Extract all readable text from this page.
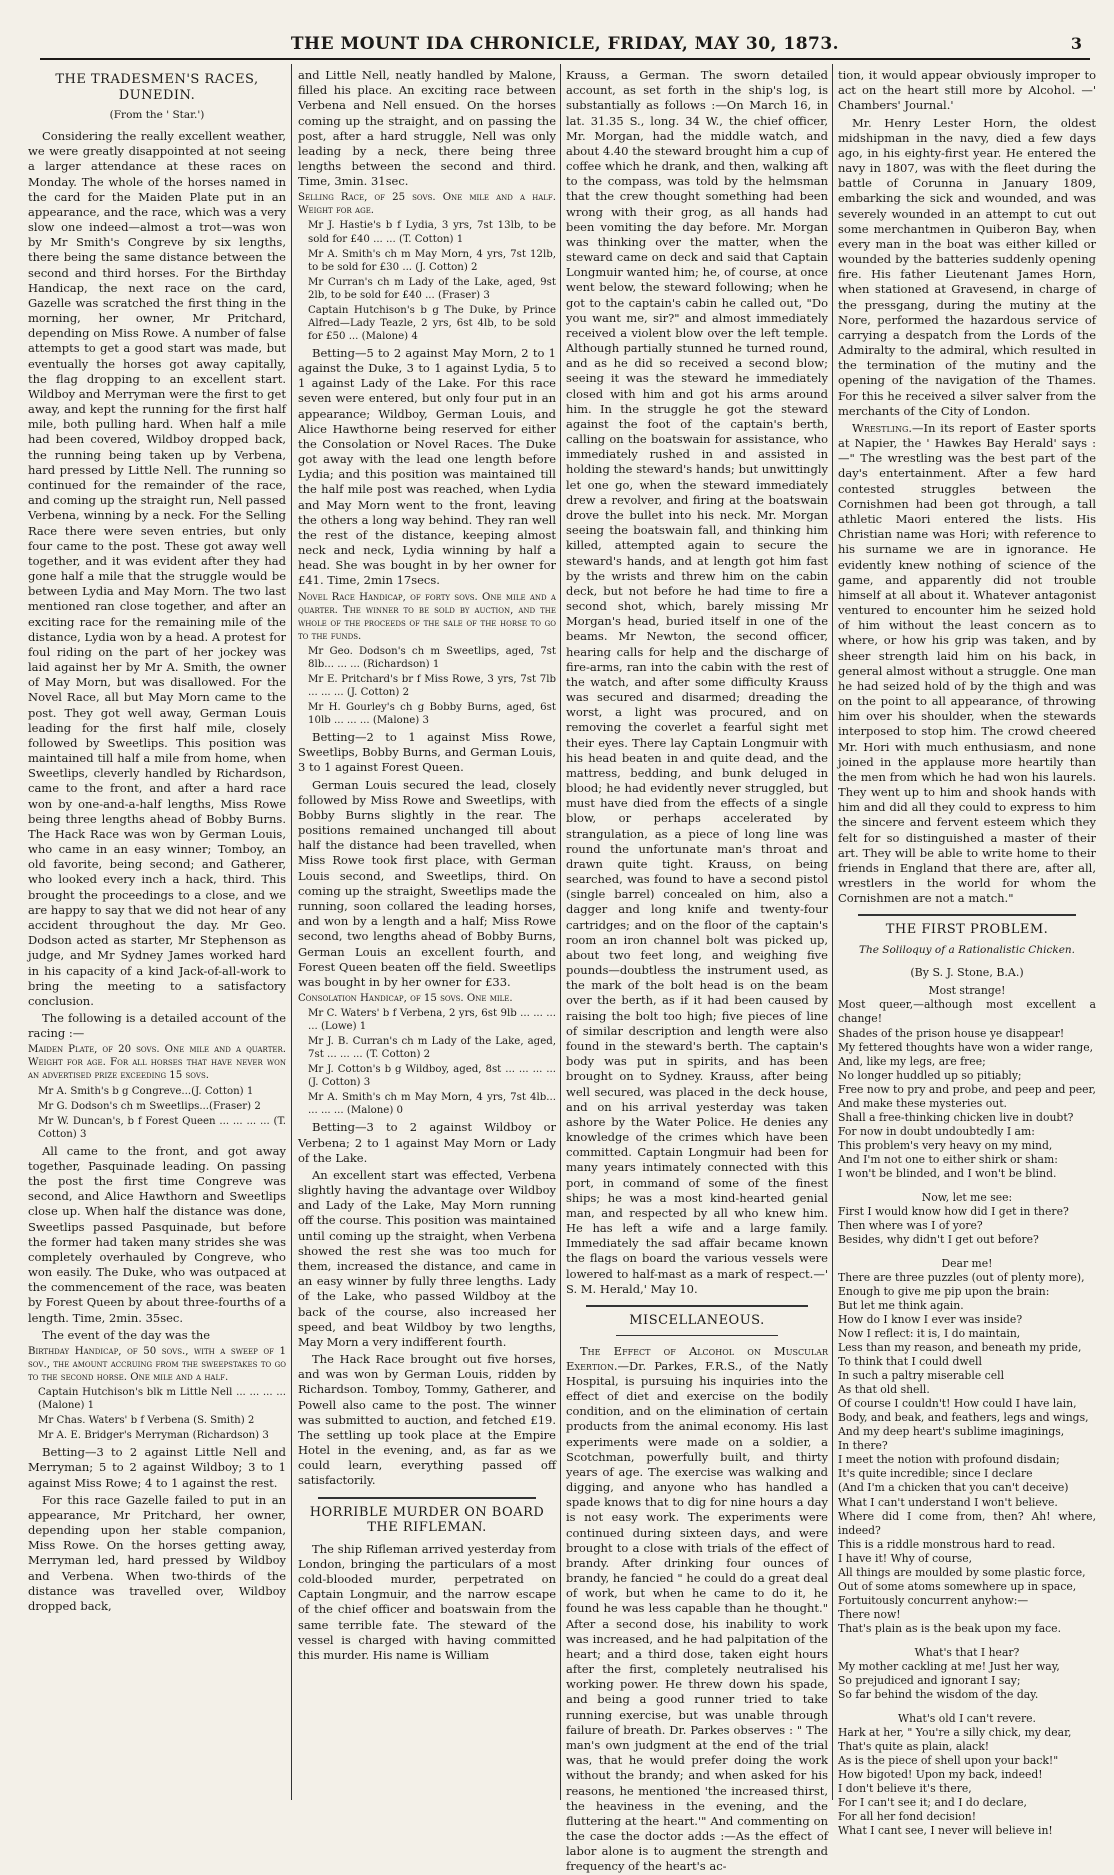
THE MOUNT IDA CHRONICLE, FRIDAY, MAY 30, 1873.	3
THE TRADESMEN'S RACES, DUNEDIN.
(From the ' Star.')

Considering the really excellent weather, we were greatly disappointed at not seeing a larger attendance at these races on Monday. The whole of the horses named in the card for the Maiden Plate put in an appearance, and the race, which was a very slow one indeed—almost a trot—was won by Mr Smith's Congreve by six lengths, there being the same distance between the second and third horses. For the Birthday Handicap, the next race on the card, Gazelle was scratched the first thing in the morning, her owner, Mr Pritchard, depending on Miss Rowe. A number of false attempts to get a good start was made, but eventually the horses got away capitally, the flag dropping to an excellent start. Wildboy and Merryman were the first to get away, and kept the running for the first half mile, both pulling hard. When half a mile had been covered, Wildboy dropped back, the running being taken up by Verbena, hard pressed by Little Nell. The running so continued for the remainder of the race, and coming up the straight run, Nell passed Verbena, winning by a neck. For the Selling Race there were seven entries, but only four came to the post. These got away well together, and it was evident after they had gone half a mile that the struggle would be between Lydia and May Morn. The two last mentioned ran close together, and after an exciting race for the remaining mile of the distance, Lydia won by a head. A protest for foul riding on the part of her jockey was laid against her by Mr A. Smith, the owner of May Morn, but was disallowed. For the Novel Race, all but May Morn came to the post. They got well away, German Louis leading for the first half mile, closely followed by Sweetlips. This position was maintained till half a mile from home, when Sweetlips, cleverly handled by Richardson, came to the front, and after a hard race won by one-and-a-half lengths, Miss Rowe being three lengths ahead of Bobby Burns. The Hack Race was won by German Louis, who came in an easy winner; Tomboy, an old favorite, being second; and Gatherer, who looked every inch a hack, third. This brought the proceedings to a close, and we are happy to say that we did not hear of any accident throughout the day. Mr Geo. Dodson acted as starter, Mr Stephenson as judge, and Mr Sydney James worked hard in his capacity of a kind Jack-of-all-work to bring the meeting to a satisfactory conclusion.

The following is a detailed account of the racing :—

Maiden Plate, of 20 sovs. One mile and a quarter. Weight for age. For all horses that have never won an advertised prize exceeding 15 sovs.

Mr A. Smith's b g Congreve...(J. Cotton) 1

Mr G. Dodson's ch m Sweetlips...(Fraser) 2

Mr W. Duncan's, b f Forest Queen ... ... ... ... (T. Cotton) 3

All came to the front, and got away together, Pasquinade leading. On passing the post the first time Congreve was second, and Alice Hawthorn and Sweetlips close up. When half the distance was done, Sweetlips passed Pasquinade, but before the former had taken many strides she was completely overhauled by Congreve, who won easily. The Duke, who was outpaced at the commencement of the race, was beaten by Forest Queen by about three-fourths of a length. Time, 2min. 35sec.

The event of the day was the

Birthday Handicap, of 50 sovs., with a sweep of 1 sov., the amount accruing from the sweepstakes to go to the second horse. One mile and a half.

Captain Hutchison's blk m Little Nell ... ... ... ... (Malone) 1

Mr Chas. Waters' b f Verbena (S. Smith) 2

Mr A. E. Bridger's Merryman (Richardson) 3

Betting—3 to 2 against Little Nell and Merryman; 5 to 2 against Wildboy; 3 to 1 against Miss Rowe; 4 to 1 against the rest.

For this race Gazelle failed to put in an appearance, Mr Pritchard, her owner, depending upon her stable companion, Miss Rowe. On the horses getting away, Merryman led, hard pressed by Wildboy and Verbena. When two-thirds of the distance was travelled over, Wildboy dropped back,

and Little Nell, neatly handled by Malone, filled his place. An exciting race between Verbena and Nell ensued. On the horses coming up the straight, and on passing the post, after a hard struggle, Nell was only leading by a neck, there being three lengths between the second and third. Time, 3min. 31sec.

Selling Race, of 25 sovs. One mile and a half. Weight for age.

Mr J. Hastie's b f Lydia, 3 yrs, 7st 13lb, to be sold for £40 ... ... (T. Cotton) 1

Mr A. Smith's ch m May Morn, 4 yrs, 7st 12lb, to be sold for £30 ... (J. Cotton) 2

Mr Curran's ch m Lady of the Lake, aged, 9st 2lb, to be sold for £40 ... (Fraser) 3

Captain Hutchison's b g The Duke, by Prince Alfred—Lady Teazle, 2 yrs, 6st 4lb, to be sold for £50 ... (Malone) 4

Betting—5 to 2 against May Morn, 2 to 1 against the Duke, 3 to 1 against Lydia, 5 to 1 against Lady of the Lake. For this race seven were entered, but only four put in an appearance; Wildboy, German Louis, and Alice Hawthorne being reserved for either the Consolation or Novel Races. The Duke got away with the lead one length before Lydia; and this position was maintained till the half mile post was reached, when Lydia and May Morn went to the front, leaving the others a long way behind. They ran well the rest of the distance, keeping almost neck and neck, Lydia winning by half a head. She was bought in by her owner for £41. Time, 2min 17secs.

Novel Race Handicap, of forty sovs. One mile and a quarter. The winner to be sold by auction, and the whole of the proceeds of the sale of the horse to go to the funds.

Mr Geo. Dodson's ch m Sweetlips, aged, 7st 8lb... ... ... (Richardson) 1

Mr E. Pritchard's br f Miss Rowe, 3 yrs, 7st 7lb ... ... ... (J. Cotton) 2

Mr H. Gourley's ch g Bobby Burns, aged, 6st 10lb ... ... ... (Malone) 3

Betting—2 to 1 against Miss Rowe, Sweetlips, Bobby Burns, and German Louis, 3 to 1 against Forest Queen.

German Louis secured the lead, closely followed by Miss Rowe and Sweetlips, with Bobby Burns slightly in the rear. The positions remained unchanged till about half the distance had been travelled, when Miss Rowe took first place, with German Louis second, and Sweetlips, third. On coming up the straight, Sweetlips made the running, soon collared the leading horses, and won by a length and a half; Miss Rowe second, two lengths ahead of Bobby Burns, German Louis an excellent fourth, and Forest Queen beaten off the field. Sweetlips was bought in by her owner for £33.

Consolation Handicap, of 15 sovs. One mile.

Mr C. Waters' b f Verbena, 2 yrs, 6st 9lb ... ... ... ... (Lowe) 1

Mr J. B. Curran's ch m Lady of the Lake, aged, 7st ... ... ... (T. Cotton) 2

Mr J. Cotton's b g Wildboy, aged, 8st ... ... ... ... (J. Cotton) 3

Mr A. Smith's ch m May Morn, 4 yrs, 7st 4lb... ... ... ... (Malone) 0

Betting—3 to 2 against Wildboy or Verbena; 2 to 1 against May Morn or Lady of the Lake.

An excellent start was effected, Verbena slightly having the advantage over Wildboy and Lady of the Lake, May Morn running off the course. This position was maintained until coming up the straight, when Verbena showed the rest she was too much for them, increased the distance, and came in an easy winner by fully three lengths. Lady of the Lake, who passed Wildboy at the back of the course, also increased her speed, and beat Wildboy by two lengths, May Morn a very indifferent fourth.

The Hack Race brought out five horses, and was won by German Louis, ridden by Richardson. Tomboy, Tommy, Gatherer, and Powell also came to the post. The winner was submitted to auction, and fetched £19. The settling up took place at the Empire Hotel in the evening, and, as far as we could learn, everything passed off satisfactorily.

HORRIBLE MURDER ON BOARD THE RIFLEMAN.

The ship Rifleman arrived yesterday from London, bringing the particulars of a most cold-blooded murder, perpetrated on Captain Longmuir, and the narrow escape of the chief officer and boatswain from the same terrible fate. The steward of the vessel is charged with having committed this murder. His name is William

Krauss, a German. The sworn detailed account, as set forth in the ship's log, is substantially as follows :—On March 16, in lat. 31.35 S., long. 34 W., the chief officer, Mr. Morgan, had the middle watch, and about 4.40 the steward brought him a cup of coffee which he drank, and then, walking aft to the compass, was told by the helmsman that the crew thought something had been wrong with their grog, as all hands had been vomiting the day before. Mr. Morgan was thinking over the matter, when the steward came on deck and said that Captain Longmuir wanted him; he, of course, at once went below, the steward following; when he got to the captain's cabin he called out, "Do you want me, sir?" and almost immediately received a violent blow over the left temple. Although partially stunned he turned round, and as he did so received a second blow; seeing it was the steward he immediately closed with him and got his arms around him. In the struggle he got the steward against the foot of the captain's berth, calling on the boatswain for assistance, who immediately rushed in and assisted in holding the steward's hands; but unwittingly let one go, when the steward immediately drew a revolver, and firing at the boatswain drove the bullet into his neck. Mr. Morgan seeing the boatswain fall, and thinking him killed, attempted again to secure the steward's hands, and at length got him fast by the wrists and threw him on the cabin deck, but not before he had time to fire a second shot, which, barely missing Mr Morgan's head, buried itself in one of the beams. Mr Newton, the second officer, hearing calls for help and the discharge of fire-arms, ran into the cabin with the rest of the watch, and after some difficulty Krauss was secured and disarmed; dreading the worst, a light was procured, and on removing the coverlet a fearful sight met their eyes. There lay Captain Longmuir with his head beaten in and quite dead, and the mattress, bedding, and bunk deluged in blood; he had evidently never struggled, but must have died from the effects of a single blow, or perhaps accelerated by strangulation, as a piece of long line was round the unfortunate man's throat and drawn quite tight. Krauss, on being searched, was found to have a second pistol (single barrel) concealed on him, also a dagger and long knife and twenty-four cartridges; and on the floor of the captain's room an iron channel bolt was picked up, about two feet long, and weighing five pounds—doubtless the instrument used, as the mark of the bolt head is on the beam over the berth, as if it had been caused by raising the bolt too high; five pieces of line of similar description and length were also found in the steward's berth. The captain's body was put in spirits, and has been brought on to Sydney. Krauss, after being well secured, was placed in the deck house, and on his arrival yesterday was taken ashore by the Water Police. He denies any knowledge of the crimes which have been committed. Captain Longmuir had been for many years intimately connected with this port, in command of some of the finest ships; he was a most kind-hearted genial man, and respected by all who knew him. He has left a wife and a large family. Immediately the sad affair became known the flags on board the various vessels were lowered to half-mast as a mark of respect.—' S. M. Herald,' May 10.

MISCELLANEOUS.

The Effect of Alcohol on Muscular Exertion.—Dr. Parkes, F.R.S., of the Natly Hospital, is pursuing his inquiries into the effect of diet and exercise on the bodily condition, and on the elimination of certain products from the animal economy. His last experiments were made on a soldier, a Scotchman, powerfully built, and thirty years of age. The exercise was walking and digging, and anyone who has handled a spade knows that to dig for nine hours a day is not easy work. The experiments were continued during sixteen days, and were brought to a close with trials of the effect of brandy. After drinking four ounces of brandy, he fancied " he could do a great deal of work, but when he came to do it, he found he was less capable than he thought." After a second dose, his inability to work was increased, and he had palpitation of the heart; and a third dose, taken eight hours after the first, completely neutralised his working power. He threw down his spade, and being a good runner tried to take running exercise, but was unable through failure of breath. Dr. Parkes observes : " The man's own judgment at the end of the trial was, that he would prefer doing the work without the brandy; and when asked for his reasons, he mentioned 'the increased thirst, the heaviness in the evening, and the fluttering at the heart.'" And commenting on the case the doctor adds :—As the effect of labor alone is to augment the strength and frequency of the heart's ac-

tion, it would appear obviously improper to act on the heart still more by Alcohol. —' Chambers' Journal.'

Mr. Henry Lester Horn, the oldest midshipman in the navy, died a few days ago, in his eighty-first year. He entered the navy in 1807, was with the fleet during the battle of Corunna in January 1809, embarking the sick and wounded, and was severely wounded in an attempt to cut out some merchantmen in Quiberon Bay, when every man in the boat was either killed or wounded by the batteries suddenly opening fire. His father Lieutenant James Horn, when stationed at Gravesend, in charge of the pressgang, during the mutiny at the Nore, performed the hazardous service of carrying a despatch from the Lords of the Admiralty to the admiral, which resulted in the termination of the mutiny and the opening of the navigation of the Thames. For this he received a silver salver from the merchants of the City of London.

Wrestling.—In its report of Easter sports at Napier, the ' Hawkes Bay Herald' says :—" The wrestling was the best part of the day's entertainment. After a few hard contested struggles between the Cornishmen had been got through, a tall athletic Maori entered the lists. His Christian name was Hori; with reference to his surname we are in ignorance. He evidently knew nothing of science of the game, and apparently did not trouble himself at all about it. Whatever antagonist ventured to encounter him he seized hold of him without the least concern as to where, or how his grip was taken, and by sheer strength laid him on his back, in general almost without a struggle. One man he had seized hold of by the thigh and was on the point to all appearance, of throwing him over his shoulder, when the stewards interposed to stop him. The crowd cheered Mr. Hori with much enthusiasm, and none joined in the applause more heartily than the men from which he had won his laurels. They went up to him and shook hands with him and did all they could to express to him the sincere and fervent esteem which they felt for so distinguished a master of their art. They will be able to write home to their friends in England that there are, after all, wrestlers in the world for whom the Cornishmen are not a match."

THE FIRST PROBLEM.
The Soliloquy of a Rationalistic Chicken.
(By S. J. Stone, B.A.)
Most strange!
Most queer,—although most excellent a change!
Shades of the prison house ye disappear!
My fettered thoughts have won a wider range,
And, like my legs, are free;
No longer huddled up so pitiably;
Free now to pry and probe, and peep and peer,
And make these mysteries out.
Shall a free-thinking chicken live in doubt?
For now in doubt undoubtedly I am:
This problem's very heavy on my mind,
And I'm not one to either shirk or sham:
I won't be blinded, and I won't be blind.
Now, let me see:
First I would know how did I get in there?
Then where was I of yore?
Besides, why didn't I get out before?
Dear me!
There are three puzzles (out of plenty more),
Enough to give me pip upon the brain:
But let me think again.
How do I know I ever was inside?
Now I reflect: it is, I do maintain,
Less than my reason, and beneath my pride,
To think that I could dwell
In such a paltry miserable cell
As that old shell.
Of course I couldn't! How could I have lain,
Body, and beak, and feathers, legs and wings,
And my deep heart's sublime imaginings,
In there?
I meet the notion with profound disdain;
It's quite incredible; since I declare
(And I'm a chicken that you can't deceive)
What I can't understand I won't believe.
Where did I come from, then? Ah! where, indeed?
This is a riddle monstrous hard to read.
I have it! Why of course,
All things are moulded by some plastic force,
Out of some atoms somewhere up in space,
Fortuitously concurrent anyhow:—
There now!
That's plain as is the beak upon my face.
What's that I hear?
My mother cackling at me! Just her way,
So prejudiced and ignorant I say;
So far behind the wisdom of the day.
What's old I can't revere.
Hark at her, " You're a silly chick, my dear,
That's quite as plain, alack!
As is the piece of shell upon your back!"
How bigoted! Upon my back, indeed!
I don't believe it's there,
For I can't see it; and I do declare,
For all her fond decision!
What I cant see, I never will believe in!
